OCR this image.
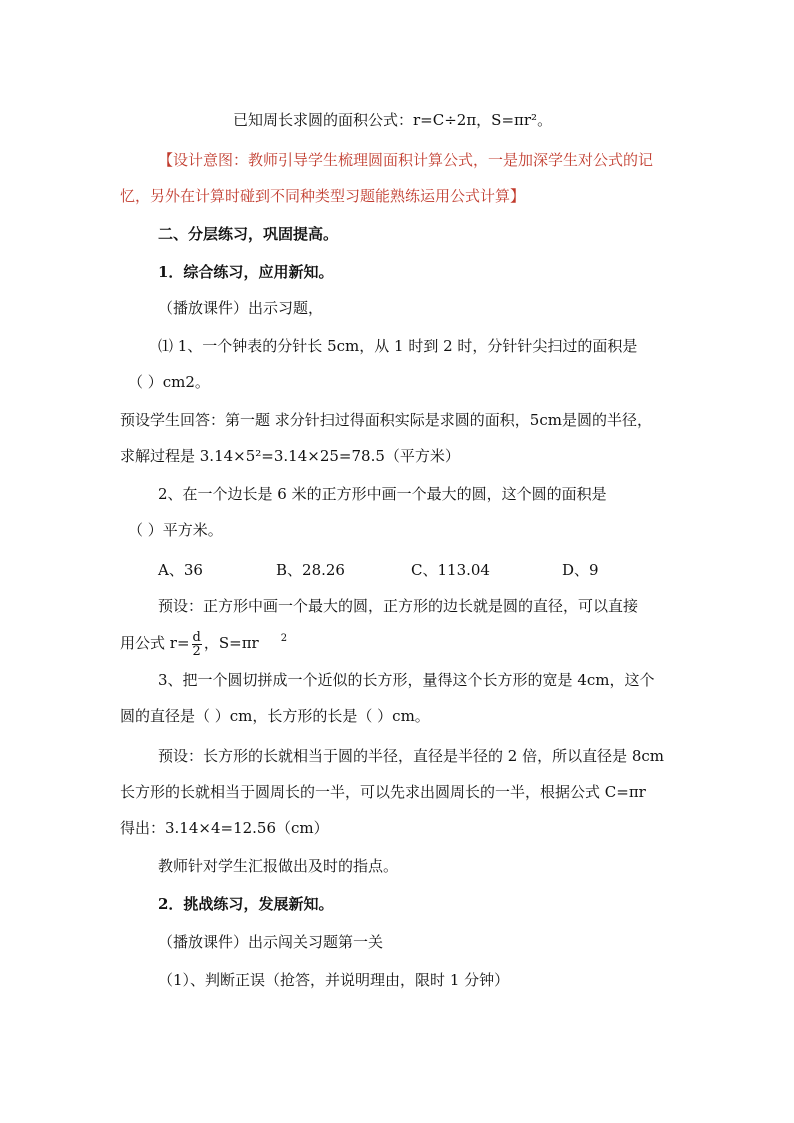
已知周长求圆的面积公式：r=C÷2π，S=πr²。
【设计意图：教师引导学生梳理圆面积计算公式，一是加深学生对公式的记
忆，另外在计算时碰到不同种类型习题能熟练运用公式计算】
二、分层练习，巩固提高。
1．综合练习，应用新知。
（播放课件）出示习题，
⑴ 1、一个钟表的分针长 5cm，从 1 时到 2 时，分针针尖扫过的面积是
（ ）cm2。
预设学生回答：第一题 求分针扫过得面积实际是求圆的面积，5cm是圆的半径，
求解过程是 3.14×5²=3.14×25=78.5（平方米）
2、在一个边长是 6 米的正方形中画一个最大的圆，这个圆的面积是
（ ）平方米。
A、36	B、28.26	C、113.04	D、9
预设：正方形中画一个最大的圆，正方形的边长就是圆的直径，可以直接
用公式 $r= \frac{d}{2}$ ，S=πr $^2$
3、把一个圆切拼成一个近似的长方形，量得这个长方形的宽是 4cm，这个
圆的直径是（ ）cm，长方形的长是（ ）cm。
预设：长方形的长就相当于圆的半径，直径是半径的 2 倍，所以直径是 8cm
长方形的长就相当于圆周长的一半，可以先求出圆周长的一半，根据公式 C=πr
得出：3.14×4=12.56（cm）
教师针对学生汇报做出及时的指点。
2．挑战练习，发展新知。
（播放课件）出示闯关习题第一关
（1）、判断正误（抢答，并说明理由，限时 1 分钟）
